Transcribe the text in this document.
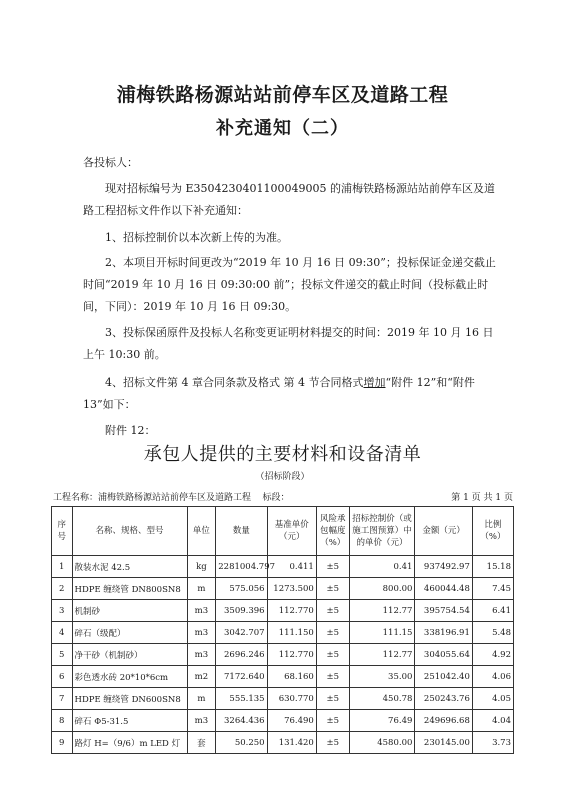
浦梅铁路杨源站站前停车区及道路工程
补充通知（二）
各投标人：
现对招标编号为 E3504230401100049005 的浦梅铁路杨源站站前停车区及道路工程招标文件作以下补充通知：
1、招标控制价以本次新上传的为准。
2、本项目开标时间更改为“2019 年 10 月 16 日 09:30”；投标保证金递交截止时间“2019 年 10 月 16 日 09:30:00 前”；投标文件递交的截止时间（投标截止时间，下同）：2019 年 10 月 16 日 09:30。
3、投标保函原件及投标人名称变更证明材料提交的时间：2019 年 10 月 16 日上午 10:30 前。
4、招标文件第 4 章合同条款及格式 第 4 节合同格式增加“附件 12”和“附件 13”如下：
附件 12：
承包人提供的主要材料和设备清单
（招标阶段）
工程名称：浦梅铁路杨源站站前停车区及道路工程 标段：	第 1 页 共 1 页
序号	名称、规格、型号	单位	数量	基准单价（元）	风险承包幅度（%）	招标控制价（或施工图预算）中的单价（元）	金额（元）	比例（%）
1	散装水泥 42.5	kg	2281004.797	0.411	±5	0.41	937492.97	15.18
2	HDPE 缠绕管 DN800SN8	m	575.056	1273.500	±5	800.00	460044.48	7.45
3	机制砂	m3	3509.396	112.770	±5	112.77	395754.54	6.41
4	碎石（级配）	m3	3042.707	111.150	±5	111.15	338196.91	5.48
5	净干砂（机制砂）	m3	2696.246	112.770	±5	112.77	304055.64	4.92
6	彩色透水砖 20*10*6cm	m2	7172.640	68.160	±5	35.00	251042.40	4.06
7	HDPE 缠绕管 DN600SN8	m	555.135	630.770	±5	450.78	250243.76	4.05
8	碎石 Φ5-31.5	m3	3264.436	76.490	±5	76.49	249696.68	4.04
9	路灯 H=（9/6）m LED 灯	套	50.250	131.420	±5	4580.00	230145.00	3.73
